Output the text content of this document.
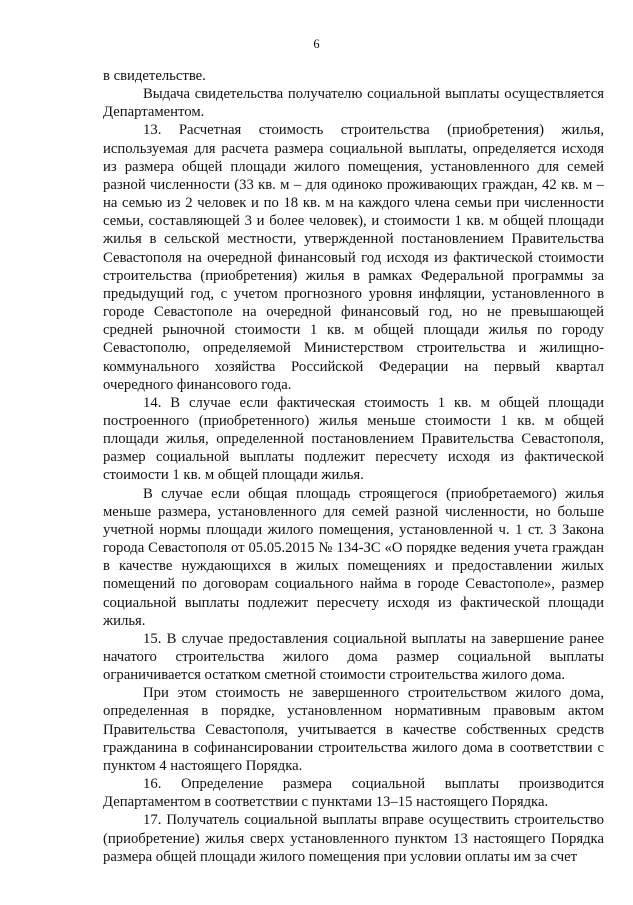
6

в свидетельстве.

Выдача свидетельства получателю социальной выплаты осуществляется Департаментом.

13. Расчетная стоимость строительства (приобретения) жилья, используемая для расчета размера социальной выплаты, определяется исходя из размера общей площади жилого помещения, установленного для семей разной численности (33 кв. м – для одиноко проживающих граждан, 42 кв. м – на семью из 2 человек и по 18 кв. м на каждого члена семьи при численности семьи, составляющей 3 и более человек), и стоимости 1 кв. м общей площади жилья в сельской местности, утвержденной постановлением Правительства Севастополя на очередной финансовый год исходя из фактической стоимости строительства (приобретения) жилья в рамках Федеральной программы за предыдущий год, с учетом прогнозного уровня инфляции, установленного в городе Севастополе на очередной финансовый год, но не превышающей средней рыночной стоимости 1 кв. м общей площади жилья по городу Севастополю, определяемой Министерством строительства и жилищно-коммунального хозяйства Российской Федерации на первый квартал очередного финансового года.

14. В случае если фактическая стоимость 1 кв. м общей площади построенного (приобретенного) жилья меньше стоимости 1 кв. м общей площади жилья, определенной постановлением Правительства Севастополя, размер социальной выплаты подлежит пересчету исходя из фактической стоимости 1 кв. м общей площади жилья.

В случае если общая площадь строящегося (приобретаемого) жилья меньше размера, установленного для семей разной численности, но больше учетной нормы площади жилого помещения, установленной ч. 1 ст. 3 Закона города Севастополя от 05.05.2015 № 134-ЗС «О порядке ведения учета граждан в качестве нуждающихся в жилых помещениях и предоставлении жилых помещений по договорам социального найма в городе Севастополе», размер социальной выплаты подлежит пересчету исходя из фактической площади жилья.

15. В случае предоставления социальной выплаты на завершение ранее начатого строительства жилого дома размер социальной выплаты ограничивается остатком сметной стоимости строительства жилого дома.

При этом стоимость не завершенного строительством жилого дома, определенная в порядке, установленном нормативным правовым актом Правительства Севастополя, учитывается в качестве собственных средств гражданина в софинансировании строительства жилого дома в соответствии с пунктом 4 настоящего Порядка.

16. Определение размера социальной выплаты производится Департаментом в соответствии с пунктами 13–15 настоящего Порядка.

17. Получатель социальной выплаты вправе осуществить строительство (приобретение) жилья сверх установленного пунктом 13 настоящего Порядка размера общей площади жилого помещения при условии оплаты им за счет
